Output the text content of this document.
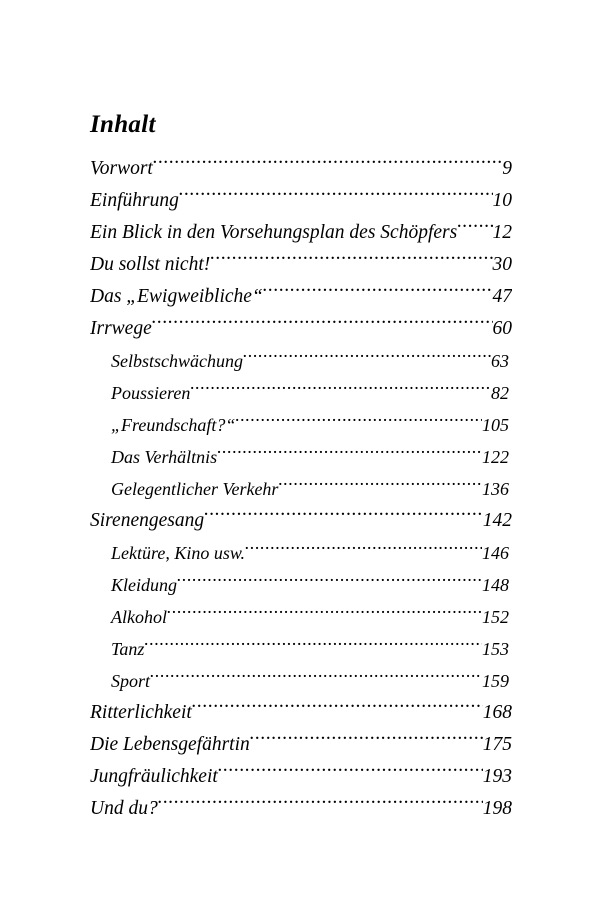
Inhalt
Vorwort .....	9
Einführung .....	10
Ein Blick in den Vorsehungsplan des Schöpfers ..... 12
Du sollst nicht! .....	30
Das „Ewigweibliche“ .....	47
Irrwege .....	60
Selbstschwächung .....	63
Poussieren .....	82
„Freundschaft?“ .....	105
Das Verhältnis .....	122
Gelegentlicher Verkehr .....	136
Sirenengesang .....	142
Lektüre, Kino usw. .....	146
Kleidung .....	148
Alkohol .....	152
Tanz .....	153
Sport .....	159
Ritterlichkeit .....	168
Die Lebensgefährtin .....	175
Jungfräulichkeit .....	193
Und du? .....	198
